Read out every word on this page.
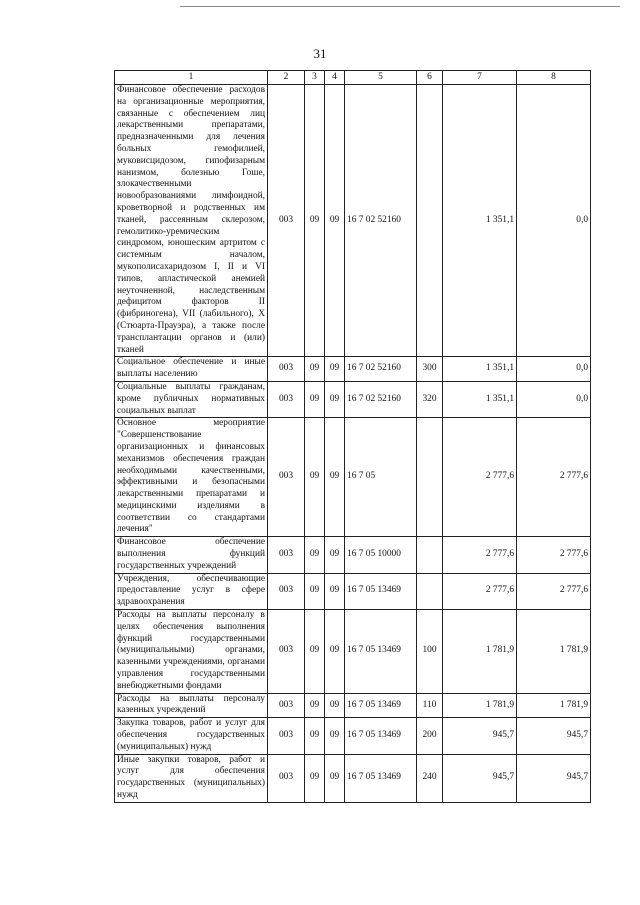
31
1	2	3	4	5	6	7	8
Финансовое обеспечение расходов на организационные мероприятия, связанные с обеспечением лиц лекарственными препаратами, предназначенными для лечения больных гемофилией, муковисцидозом, гипофизарным нанизмом, болезнью Гоше, злокачественными новообразованиями лимфоидной, кроветворной и родственных им тканей, рассеянным склерозом, гемолитико-уремическим синдромом, юношеским артритом с системным началом, мукополисахаридозом I, II и VI типов, апластической анемией неуточненной, наследственным дефицитом факторов II (фибриногена), VII (лабильного), X (Стюарта-Прауэра), а также после трансплантации органов и (или) тканей	003	09	09	16 7 02 52160		1 351,1	0,0
Социальное обеспечение и иные выплаты населению	003	09	09	16 7 02 52160	300	1 351,1	0,0
Социальные выплаты гражданам, кроме публичных нормативных социальных выплат	003	09	09	16 7 02 52160	320	1 351,1	0,0
Основное мероприятие "Совершенствование организационных и финансовых механизмов обеспечения граждан необходимыми качественными, эффективными и безопасными лекарственными препаратами и медицинскими изделиями в соответствии со стандартами лечения"	003	09	09	16 7 05		2 777,6	2 777,6
Финансовое обеспечение выполнения функций государственных учреждений	003	09	09	16 7 05 10000		2 777,6	2 777,6
Учреждения, обеспечивающие предоставление услуг в сфере здравоохранения	003	09	09	16 7 05 13469		2 777,6	2 777,6
Расходы на выплаты персоналу в целях обеспечения выполнения функций государственными (муниципальными) органами, казенными учреждениями, органами управления государственными внебюджетными фондами	003	09	09	16 7 05 13469	100	1 781,9	1 781,9
Расходы на выплаты персоналу казенных учреждений	003	09	09	16 7 05 13469	110	1 781,9	1 781,9
Закупка товаров, работ и услуг для обеспечения государственных (муниципальных) нужд	003	09	09	16 7 05 13469	200	945,7	945,7
Иные закупки товаров, работ и услуг для обеспечения государственных (муниципальных) нужд	003	09	09	16 7 05 13469	240	945,7	945,7
